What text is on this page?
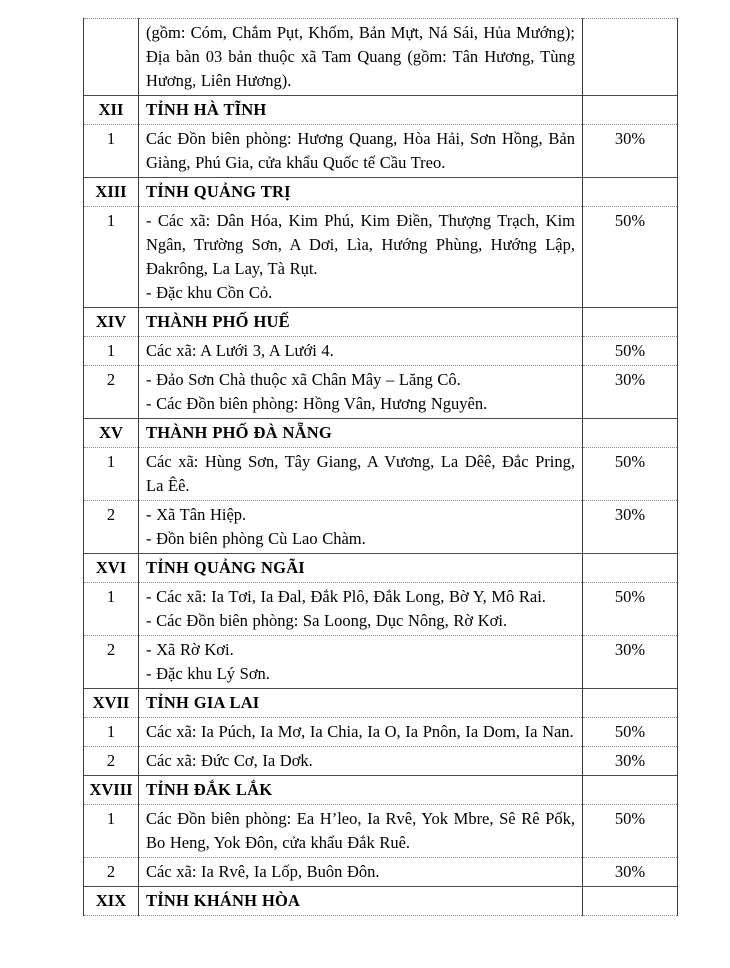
	(gồm: Cóm, Chắm Pụt, Khốm, Bản Mựt, Ná Sái, Hủa Mướng); Địa bàn 03 bản thuộc xã Tam Quang (gồm: Tân Hương, Tùng Hương, Liên Hương).	

XII	TỈNH HÀ TĨNH	

1	Các Đồn biên phòng: Hương Quang, Hòa Hải, Sơn Hồng, Bản Giàng, Phú Gia, cửa khẩu Quốc tế Cầu Treo.	30%
XIII	TỈNH QUẢNG TRỊ	

1	- Các xã: Dân Hóa, Kim Phú, Kim Điền, Thượng Trạch, Kim Ngân, Trường Sơn, A Dơi, Lìa, Hướng Phùng, Hướng Lập, Đakrông, La Lay, Tà Rụt.

- Đặc khu Cồn Cỏ.	50%
XIV	THÀNH PHỐ HUẾ	

1	Các xã: A Lưới 3, A Lưới 4.	50%
2	- Đảo Sơn Chà thuộc xã Chân Mây – Lăng Cô.

- Các Đồn biên phòng: Hồng Vân, Hương Nguyên.	30%
XV	THÀNH PHỐ ĐÀ NẴNG	

1	Các xã: Hùng Sơn, Tây Giang, A Vương, La Dêê, Đắc Pring, La Êê.	50%
2	- Xã Tân Hiệp.

- Đồn biên phòng Cù Lao Chàm.	30%
XVI	TỈNH QUẢNG NGÃI	

1	- Các xã: Ia Tơi, Ia Đal, Đắk Plô, Đắk Long, Bờ Y, Mô Rai.

- Các Đồn biên phòng: Sa Loong, Dục Nông, Rờ Kơi.	50%
2	- Xã Rờ Kơi.

- Đặc khu Lý Sơn.	30%
XVII	TỈNH GIA LAI	

1	Các xã: Ia Púch, Ia Mơ, Ia Chia, Ia O, Ia Pnôn, Ia Dom, Ia Nan.	50%
2	Các xã: Đức Cơ, Ia Dơk.	30%
XVIII	TỈNH ĐẮK LẮK	

1	Các Đồn biên phòng: Ea H’leo, Ia Rvê, Yok Mbre, Sê Rê Pốk, Bo Heng, Yok Đôn, cửa khẩu Đắk Ruê.	50%
2	Các xã: Ia Rvê, Ia Lốp, Buôn Đôn.	30%
XIX	TỈNH KHÁNH HÒA	
